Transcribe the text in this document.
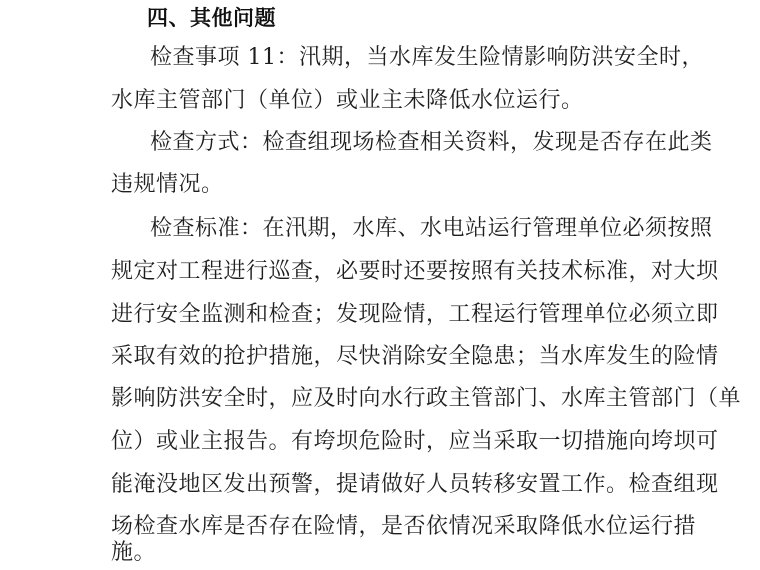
四、其他问题
检查事项 11：汛期，当水库发生险情影响防洪安全时，
水库主管部门（单位）或业主未降低水位运行。
检查方式：检查组现场检查相关资料，发现是否存在此类
违规情况。
检查标准：在汛期，水库、水电站运行管理单位必须按照
规定对工程进行巡查，必要时还要按照有关技术标准，对大坝
进行安全监测和检查；发现险情，工程运行管理单位必须立即
采取有效的抢护措施，尽快消除安全隐患；当水库发生的险情
影响防洪安全时，应及时向水行政主管部门、水库主管部门（单
位）或业主报告。有垮坝危险时，应当采取一切措施向垮坝可
能淹没地区发出预警，提请做好人员转移安置工作。检查组现
场检查水库是否存在险情，是否依情况采取降低水位运行措
施。
